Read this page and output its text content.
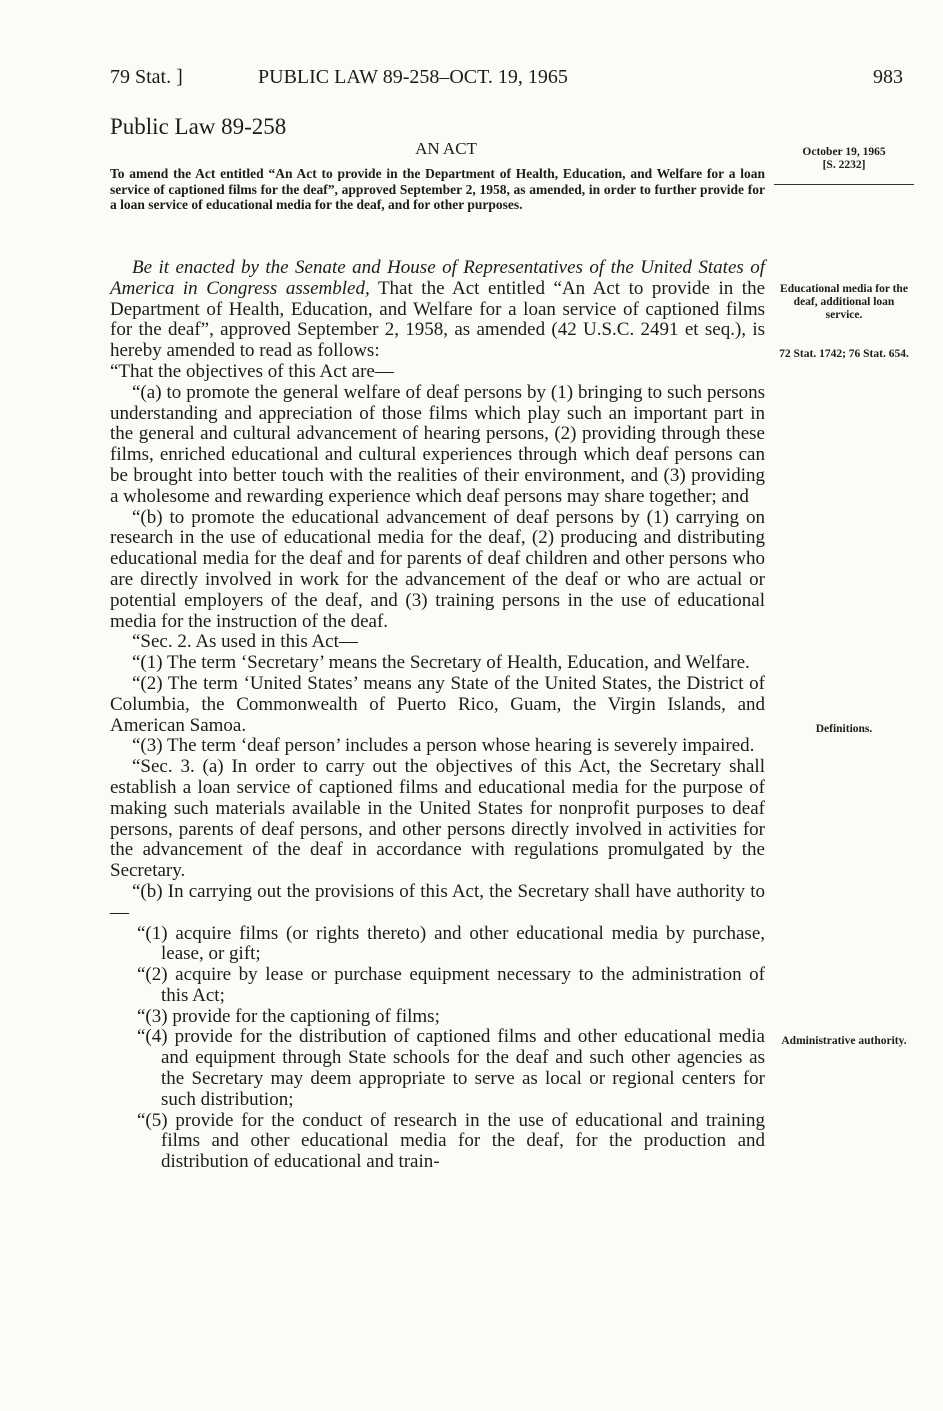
79 Stat. ]	PUBLIC LAW 89-258–OCT. 19, 1965	983
Public Law 89-258
AN ACT
To amend the Act entitled “An Act to provide in the Department of Health, Education, and Welfare for a loan service of captioned films for the deaf”, approved September 2, 1958, as amended, in order to further provide for a loan service of educational media for the deaf, and for other purposes.

Be it enacted by the Senate and House of Representatives of the United States of America in Congress assembled, That the Act entitled “An Act to provide in the Department of Health, Education, and Welfare for a loan service of captioned films for the deaf”, approved September 2, 1958, as amended (42 U.S.C. 2491 et seq.), is hereby amended to read as follows:

“That the objectives of this Act are—

“(a) to promote the general welfare of deaf persons by (1) bringing to such persons understanding and appreciation of those films which play such an important part in the general and cultural advancement of hearing persons, (2) providing through these films, enriched educational and cultural experiences through which deaf persons can be brought into better touch with the realities of their environment, and (3) providing a wholesome and rewarding experience which deaf persons may share together; and

“(b) to promote the educational advancement of deaf persons by (1) carrying on research in the use of educational media for the deaf, (2) producing and distributing educational media for the deaf and for parents of deaf children and other persons who are directly involved in work for the advancement of the deaf or who are actual or potential employers of the deaf, and (3) training persons in the use of educational media for the instruction of the deaf.

“Sec. 2. As used in this Act—

“(1) The term ‘Secretary’ means the Secretary of Health, Education, and Welfare.

“(2) The term ‘United States’ means any State of the United States, the District of Columbia, the Commonwealth of Puerto Rico, Guam, the Virgin Islands, and American Samoa.

“(3) The term ‘deaf person’ includes a person whose hearing is severely impaired.

“Sec. 3. (a) In order to carry out the objectives of this Act, the Secretary shall establish a loan service of captioned films and educational media for the purpose of making such materials available in the United States for nonprofit purposes to deaf persons, parents of deaf persons, and other persons directly involved in activities for the advancement of the deaf in accordance with regulations promulgated by the Secretary.

“(b) In carrying out the provisions of this Act, the Secretary shall have authority to—

“(1) acquire films (or rights thereto) and other educational media by purchase, lease, or gift;

“(2) acquire by lease or purchase equipment necessary to the administration of this Act;

“(3) provide for the captioning of films;

“(4) provide for the distribution of captioned films and other educational media and equipment through State schools for the deaf and such other agencies as the Secretary may deem appropriate to serve as local or regional centers for such distribution;

“(5) provide for the conduct of research in the use of educational and training films and other educational media for the deaf, for the production and distribution of educational and train-

October 19, 1965
[S. 2232]
Educational media for the deaf, additional loan service.
72 Stat. 1742; 76 Stat. 654.
Definitions.
Administrative authority.
